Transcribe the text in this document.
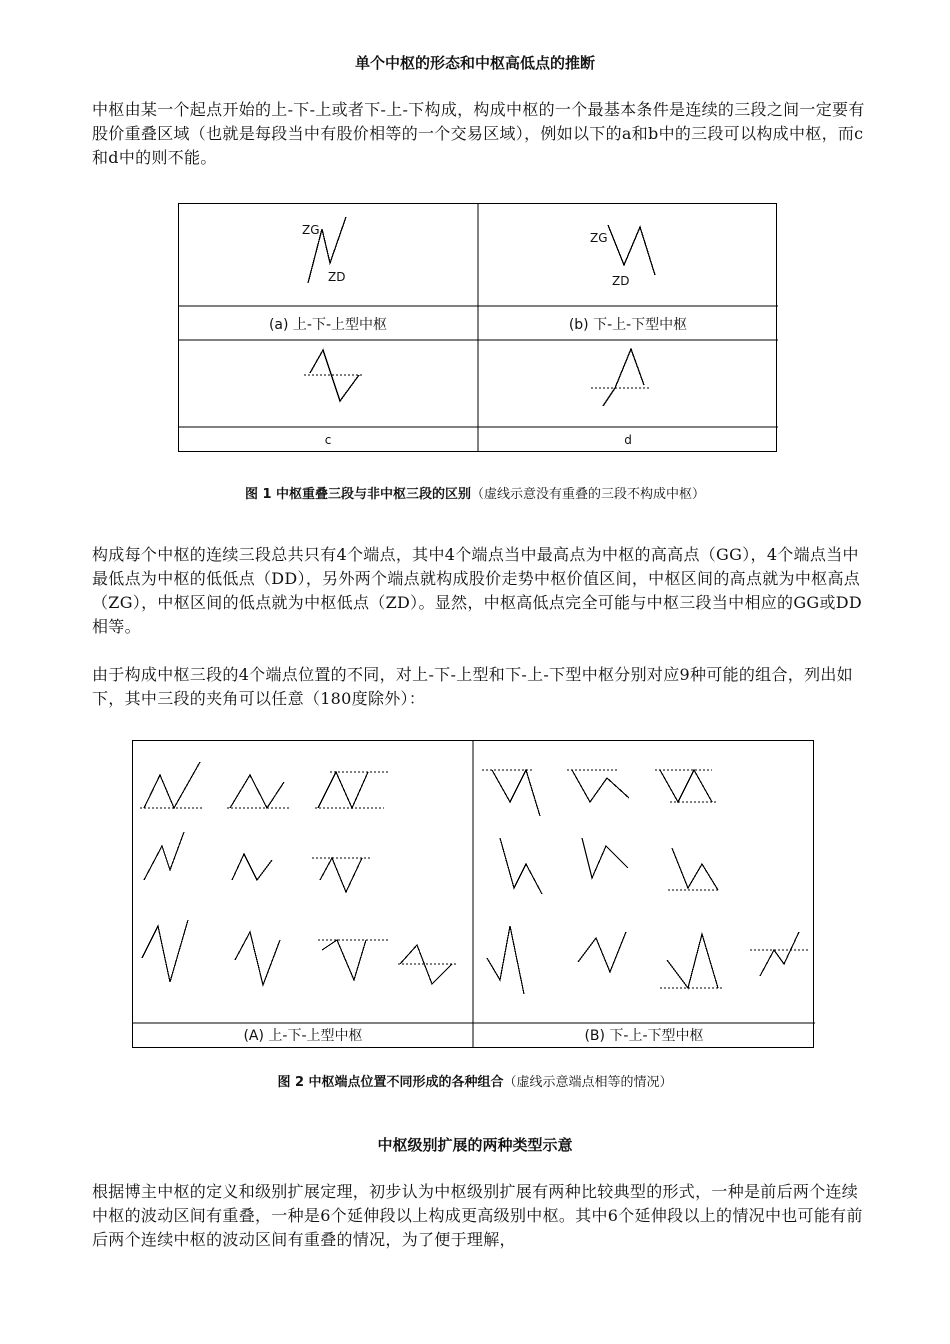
单个中枢的形态和中枢高低点的推断

中枢由某一个起点开始的上-下-上或者下-上-下构成，构成中枢的一个最基本条件是连续的三段之间一定要有股价重叠区域（也就是每段当中有股价相等的一个交易区域），例如以下的a和b中的三段可以构成中枢，而c和d中的则不能。

ZG
ZD
ZG
ZD
(a) 上-下-上型中枢	(b) 下-上-下型中枢
c	d
图 1 中枢重叠三段与非中枢三段的区别（虚线示意没有重叠的三段不构成中枢）

构成每个中枢的连续三段总共只有4个端点，其中4个端点当中最高点为中枢的高高点（GG），4个端点当中最低点为中枢的低低点（DD），另外两个端点就构成股价走势中枢价值区间，中枢区间的高点就为中枢高点（ZG），中枢区间的低点就为中枢低点（ZD）。显然，中枢高低点完全可能与中枢三段当中相应的GG或DD相等。

由于构成中枢三段的4个端点位置的不同，对上-下-上型和下-上-下型中枢分别对应9种可能的组合，列出如下，其中三段的夹角可以任意（180度除外）：

(A) 上-下-上型中枢	(B) 下-上-下型中枢
图 2 中枢端点位置不同形成的各种组合（虚线示意端点相等的情况）
中枢级别扩展的两种类型示意

根据博主中枢的定义和级别扩展定理，初步认为中枢级别扩展有两种比较典型的形式，一种是前后两个连续中枢的波动区间有重叠，一种是6个延伸段以上构成更高级别中枢。其中6个延伸段以上的情况中也可能有前后两个连续中枢的波动区间有重叠的情况，为了便于理解，
